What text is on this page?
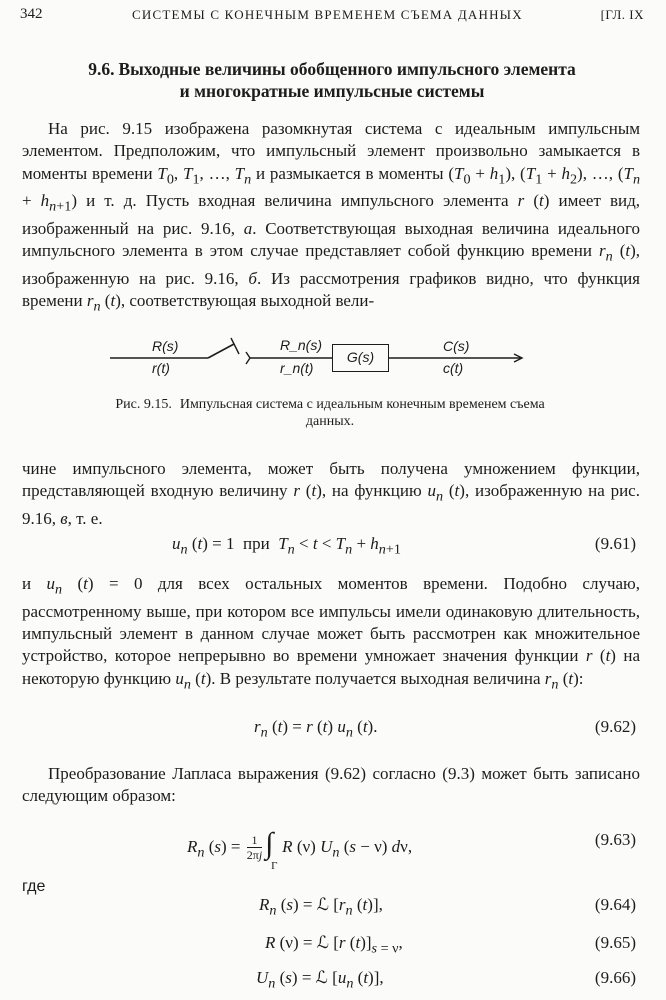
342	СИСТЕМЫ С КОНЕЧНЫМ ВРЕМЕНЕМ СЪЕМА ДАННЫХ	[ГЛ. IX
9.6. Выходные величины обобщенного импульсного элемента
и многократные импульсные системы

На рис. 9.15 изображена разомкнутая система с идеальным импульсным элементом. Предположим, что импульсный элемент произвольно замыкается в моменты времени $T_0$, $T_1$, …, $T_n$ и размыкается в моменты $(T_0 + h_1)$, $(T_1 + h_2)$, …, $(T_n + h_{n+1})$ и т. д. Пусть входная величина импульсного элемента r (t) имеет вид, изображенный на рис. 9.16, а. Соответствующая выходная величина идеального импульсного элемента в этом случае представляет собой функцию времени $r_n$ (t), изображенную на рис. 9.16, б. Из рассмотрения графиков видно, что функция времени $r_n$ (t), соответствующая выходной вели-

R(s)
r(t)
R_n(s)
r_n(t)
G(s)
C(s)
c(t)
Рис. 9.15. Импульсная система с идеальным конечным временем съема данных.

чине импульсного элемента, может быть получена умножением функции, представляющей входную величину r (t), на функцию $u_n$ (t), изображенную на рис. 9.16, в, т. е.

$u_n$ (t) = 1  при $T_n < t < T_n + h_{n+1}$	(9.61)

и $u_n$ (t) = 0 для всех остальных моментов времени. Подобно случаю, рассмотренному выше, при котором все импульсы имели одинаковую длительность, импульсный элемент в данном случае может быть рассмотрен как множительное устройство, которое непрерывно во времени умножает значения функции r (t) на некоторую функцию $u_n$ (t). В результате получается выходная величина $r_n$ (t):

$r_n$ (t) = r (t) $u_n$ (t).	(9.62)

Преобразование Лапласа выражения (9.62) согласно (9.3) может быть записано следующим образом:

$R_n$ $(s) = \frac{1}{2\pi j}$ ∫
Γ
R (ν) $U_n$ (s − ν) dν,	(9.63)
где
$R_n$ (s) = ℒ [$r_n$ (t)],	(9.64)
R (ν) = ℒ [r $(t)]_{s = \nu}$,	(9.65)
$U_n$ (s) = ℒ [$u_n$ (t)],	(9.66)
